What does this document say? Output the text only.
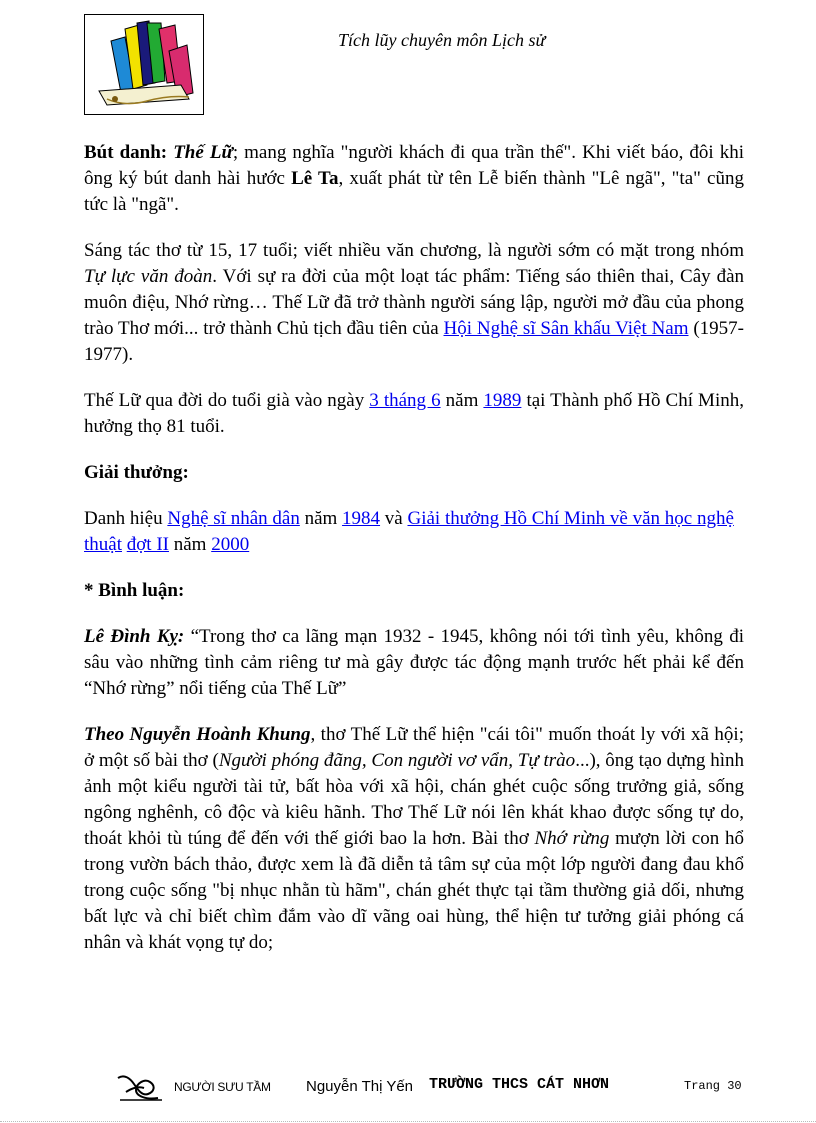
Tích lũy chuyên môn Lịch sử

Bút danh: Thế Lữ; mang nghĩa "người khách đi qua trần thế". Khi viết báo, đôi khi ông ký bút danh hài hước Lê Ta, xuất phát từ tên Lễ biến thành "Lê ngã", "ta" cũng tức là "ngã".

Sáng tác thơ từ 15, 17 tuổi; viết nhiều văn chương, là người sớm có mặt trong nhóm Tự lực văn đoàn. Với sự ra đời của một loạt tác phẩm: Tiếng sáo thiên thai, Cây đàn muôn điệu, Nhớ rừng… Thế Lữ đã trở thành người sáng lập, người mở đầu của phong trào Thơ mới... trở thành Chủ tịch đầu tiên của Hội Nghệ sĩ Sân khấu Việt Nam (1957-1977).

Thế Lữ qua đời do tuổi già vào ngày 3 tháng 6 năm 1989 tại Thành phố Hồ Chí Minh, hưởng thọ 81 tuổi.

Giải thưởng:

Danh hiệu Nghệ sĩ nhân dân năm 1984 và Giải thưởng Hồ Chí Minh về văn học nghệ thuật đợt II năm 2000

* Bình luận:

Lê Đình Kỵ: “Trong thơ ca lãng mạn 1932 - 1945, không nói tới tình yêu, không đi sâu vào những tình cảm riêng tư mà gây được tác động mạnh trước hết phải kể đến “Nhớ rừng” nổi tiếng của Thế Lữ”

Theo Nguyễn Hoành Khung, thơ Thế Lữ thể hiện "cái tôi" muốn thoát ly với xã hội; ở một số bài thơ (Người phóng đãng, Con người vơ vẩn, Tự trào...), ông tạo dựng hình ảnh một kiểu người tài tử, bất hòa với xã hội, chán ghét cuộc sống trưởng giả, sống ngông nghênh, cô độc và kiêu hãnh. Thơ Thế Lữ nói lên khát khao được sống tự do, thoát khỏi tù túng để đến với thế giới bao la hơn. Bài thơ Nhớ rừng mượn lời con hổ trong vườn bách thảo, được xem là đã diễn tả tâm sự của một lớp người đang đau khổ trong cuộc sống "bị nhục nhằn tù hãm", chán ghét thực tại tầm thường giả dối, nhưng bất lực và chỉ biết chìm đắm vào dĩ vãng oai hùng, thể hiện tư tưởng giải phóng cá nhân và khát vọng tự do;

NGƯỜI SƯU TẦM Nguyễn Thị Yến TRƯỜNG THCS CÁT NHƠN	Trang 30
